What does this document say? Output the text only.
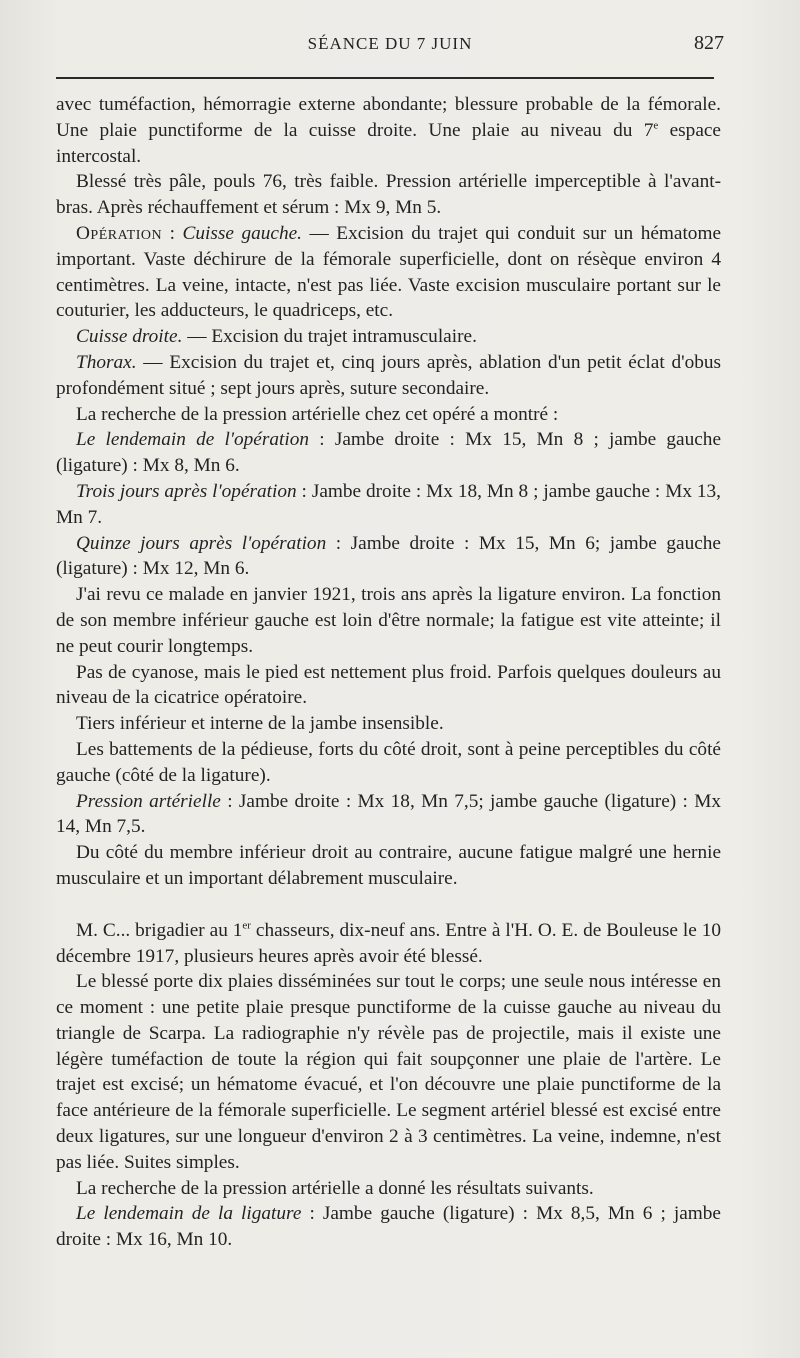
SÉANCE DU 7 JUIN	827

avec tuméfaction, hémorragie externe abondante; blessure probable de la fémorale. Une plaie punctiforme de la cuisse droite. Une plaie au niveau du 7e espace intercostal.

Blessé très pâle, pouls 76, très faible. Pression artérielle imperceptible à l'avant-bras. Après réchauffement et sérum : Mx 9, Mn 5.

Opération : Cuisse gauche. — Excision du trajet qui conduit sur un hématome important. Vaste déchirure de la fémorale superficielle, dont on résèque environ 4 centimètres. La veine, intacte, n'est pas liée. Vaste excision musculaire portant sur le couturier, les adducteurs, le quadriceps, etc.

Cuisse droite. — Excision du trajet intramusculaire.

Thorax. — Excision du trajet et, cinq jours après, ablation d'un petit éclat d'obus profondément situé ; sept jours après, suture secondaire.

La recherche de la pression artérielle chez cet opéré a montré :

Le lendemain de l'opération : Jambe droite : Mx 15, Mn 8 ; jambe gauche (ligature) : Mx 8, Mn 6.

Trois jours après l'opération : Jambe droite : Mx 18, Mn 8 ; jambe gauche : Mx 13, Mn 7.

Quinze jours après l'opération : Jambe droite : Mx 15, Mn 6; jambe gauche (ligature) : Mx 12, Mn 6.

J'ai revu ce malade en janvier 1921, trois ans après la ligature environ. La fonction de son membre inférieur gauche est loin d'être normale; la fatigue est vite atteinte; il ne peut courir longtemps.

Pas de cyanose, mais le pied est nettement plus froid. Parfois quelques douleurs au niveau de la cicatrice opératoire.

Tiers inférieur et interne de la jambe insensible.

Les battements de la pédieuse, forts du côté droit, sont à peine perceptibles du côté gauche (côté de la ligature).

Pression artérielle : Jambe droite : Mx 18, Mn 7,5; jambe gauche (ligature) : Mx 14, Mn 7,5.

Du côté du membre inférieur droit au contraire, aucune fatigue malgré une hernie musculaire et un important délabrement musculaire.

M. C... brigadier au 1er chasseurs, dix-neuf ans. Entre à l'H. O. E. de Bouleuse le 10 décembre 1917, plusieurs heures après avoir été blessé.

Le blessé porte dix plaies disséminées sur tout le corps; une seule nous intéresse en ce moment : une petite plaie presque punctiforme de la cuisse gauche au niveau du triangle de Scarpa. La radiographie n'y révèle pas de projectile, mais il existe une légère tuméfaction de toute la région qui fait soupçonner une plaie de l'artère. Le trajet est excisé; un hématome évacué, et l'on découvre une plaie punctiforme de la face antérieure de la fémorale superficielle. Le segment artériel blessé est excisé entre deux ligatures, sur une longueur d'environ 2 à 3 centimètres. La veine, indemne, n'est pas liée. Suites simples.

La recherche de la pression artérielle a donné les résultats suivants.

Le lendemain de la ligature : Jambe gauche (ligature) : Mx 8,5, Mn 6 ; jambe droite : Mx 16, Mn 10.
